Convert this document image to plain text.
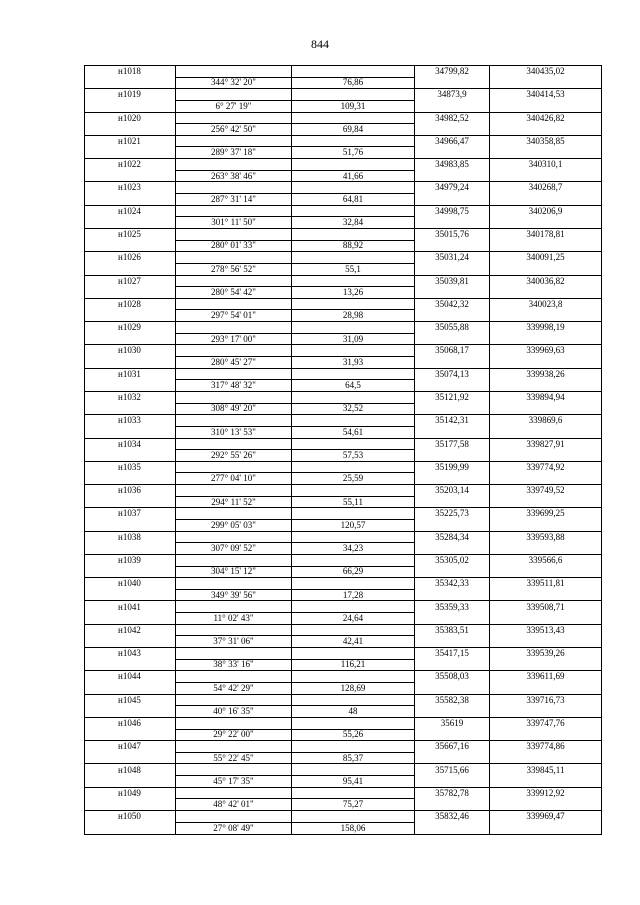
844
н1018			34799,82	340435,02
	344° 32' 20"	76,86		
н1019			34873,9	340414,53
	6° 27' 19"	109,31		
н1020			34982,52	340426,82
	256° 42' 50"	69,84		
н1021			34966,47	340358,85
	289° 37' 18"	51,76		
н1022			34983,85	340310,1
	263° 38' 46"	41,66		
н1023			34979,24	340268,7
	287° 31' 14"	64,81		
н1024			34998,75	340206,9
	301° 11' 50"	32,84		
н1025			35015,76	340178,81
	280° 01' 33"	88,92		
н1026			35031,24	340091,25
	278° 56' 52"	55,1		
н1027			35039,81	340036,82
	280° 54' 42"	13,26		
н1028			35042,32	340023,8
	297° 54' 01"	28,98		
н1029			35055,88	339998,19
	293° 17' 00"	31,09		
н1030			35068,17	339969,63
	280° 45' 27"	31,93		
н1031			35074,13	339938,26
	317° 48' 32"	64,5		
н1032			35121,92	339894,94
	308° 49' 20"	32,52		
н1033			35142,31	339869,6
	310° 13' 53"	54,61		
н1034			35177,58	339827,91
	292° 55' 26"	57,53		
н1035			35199,99	339774,92
	277° 04' 10"	25,59		
н1036			35203,14	339749,52
	294° 11' 52"	55,11		
н1037			35225,73	339699,25
	299° 05' 03"	120,57		
н1038			35284,34	339593,88
	307° 09' 52"	34,23		
н1039			35305,02	339566,6
	304° 15' 12"	66,29		
н1040			35342,33	339511,81
	349° 39' 56"	17,28		
н1041			35359,33	339508,71
	11° 02' 43"	24,64		
н1042			35383,51	339513,43
	37° 31' 06"	42,41		
н1043			35417,15	339539,26
	38° 33' 16"	116,21		
н1044			35508,03	339611,69
	54° 42' 29"	128,69		
н1045			35582,38	339716,73
	40° 16' 35"	48		
н1046			35619	339747,76
	29° 22' 00"	55,26		
н1047			35667,16	339774,86
	55° 22' 45"	85,37		
н1048			35715,66	339845,11
	45° 17' 35"	95,41		
н1049			35782,78	339912,92
	48° 42' 01"	75,27		
н1050			35832,46	339969,47
	27° 08' 49"	158,06		
